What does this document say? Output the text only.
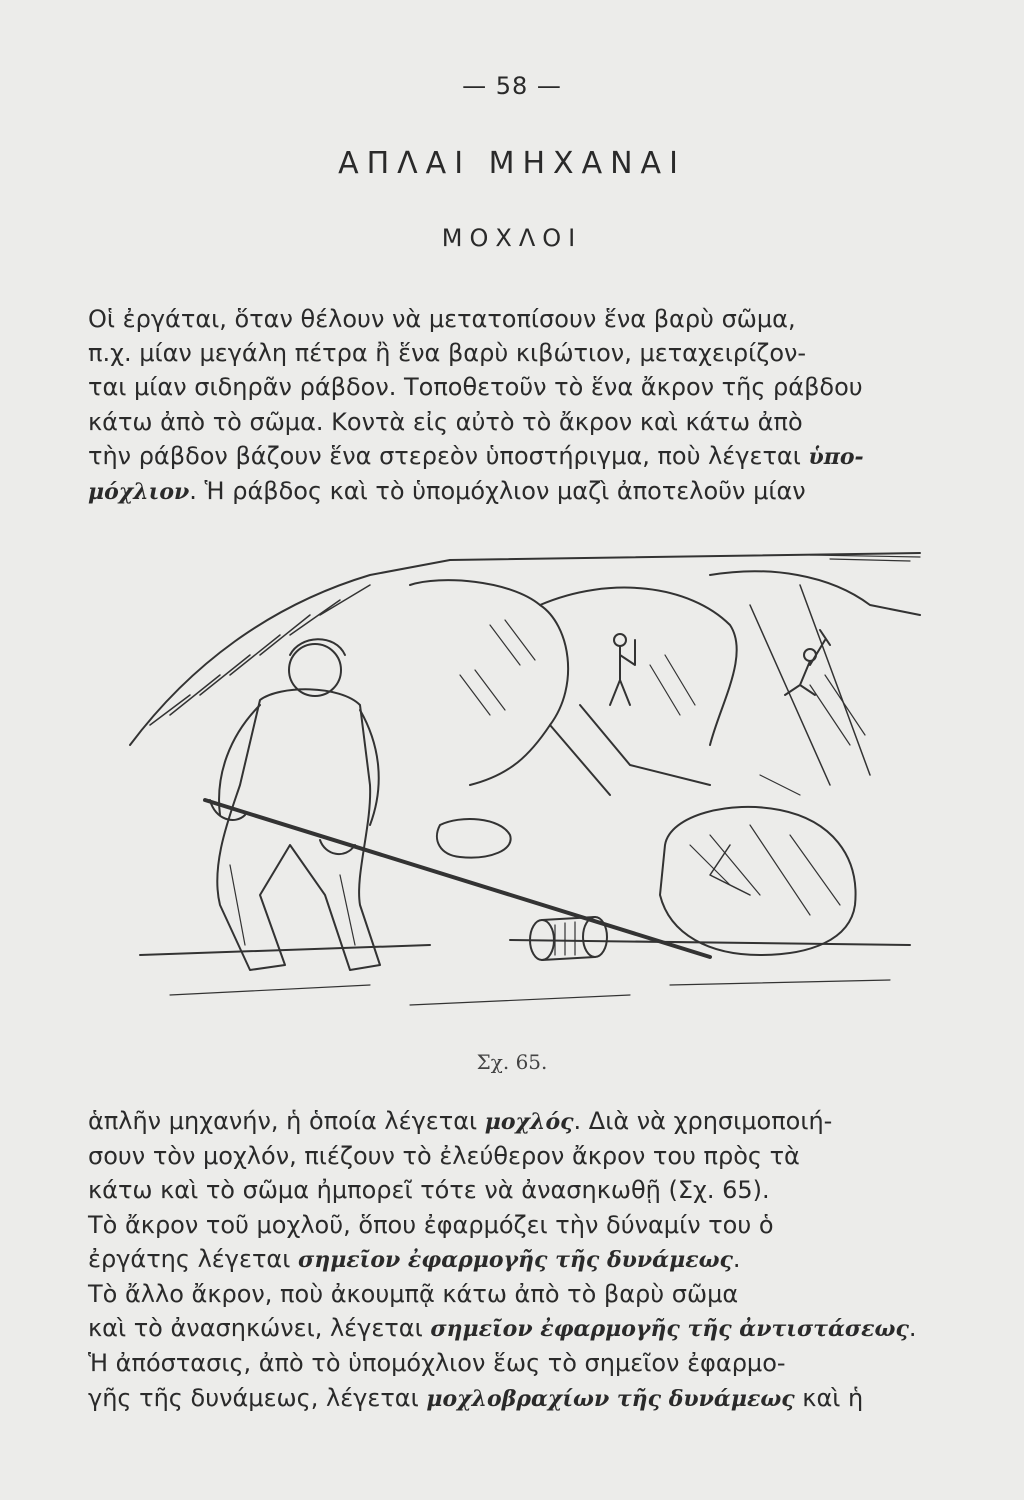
— 58 —
ΑΠΛΑΙ ΜΗΧΑΝΑΙ
ΜΟΧΛΟΙ

Οἱ ἐργάται, ὅταν θέλουν νὰ μετατοπίσουν ἕνα βαρὺ σῶμα,
π.χ. μίαν μεγάλη πέτρα ἢ ἕνα βαρὺ κιβώτιον, μεταχειρίζον-
ται μίαν σιδηρᾶν ράβδον. Τοποθετοῦν τὸ ἕνα ἄκρον τῆς ράβδου
κάτω ἀπὸ τὸ σῶμα. Κοντὰ εἰς αὐτὸ τὸ ἄκρον καὶ κάτω ἀπὸ
τὴν ράβδον βάζουν ἕνα στερεὸν ὑποστήριγμα, ποὺ λέγεται ὑπο-
μόχλιον. Ἡ ράβδος καὶ τὸ ὑπομόχλιον μαζὶ ἀποτελοῦν μίαν

Σχ. 65.

ἁπλῆν μηχανήν, ἡ ὁποία λέγεται μοχλός. Διὰ νὰ χρησιμοποιή-
σουν τὸν μοχλόν, πιέζουν τὸ ἐλεύθερον ἄκρον του πρὸς τὰ
κάτω καὶ τὸ σῶμα ἠμπορεῖ τότε νὰ ἀνασηκωθῇ (Σχ. 65).
Τὸ ἄκρον τοῦ μοχλοῦ, ὅπου ἐφαρμόζει τὴν δύναμίν του ὁ
ἐργάτης λέγεται σημεῖον ἐφαρμογῆς τῆς δυνάμεως.
Τὸ ἄλλο ἄκρον, ποὺ ἀκουμπᾷ κάτω ἀπὸ τὸ βαρὺ σῶμα
καὶ τὸ ἀνασηκώνει, λέγεται σημεῖον ἐφαρμογῆς τῆς ἀντιστάσεως.
Ἡ ἀπόστασις, ἀπὸ τὸ ὑπομόχλιον ἕως τὸ σημεῖον ἐφαρμο-
γῆς τῆς δυνάμεως, λέγεται μοχλοβραχίων τῆς δυνάμεως καὶ ἡ
